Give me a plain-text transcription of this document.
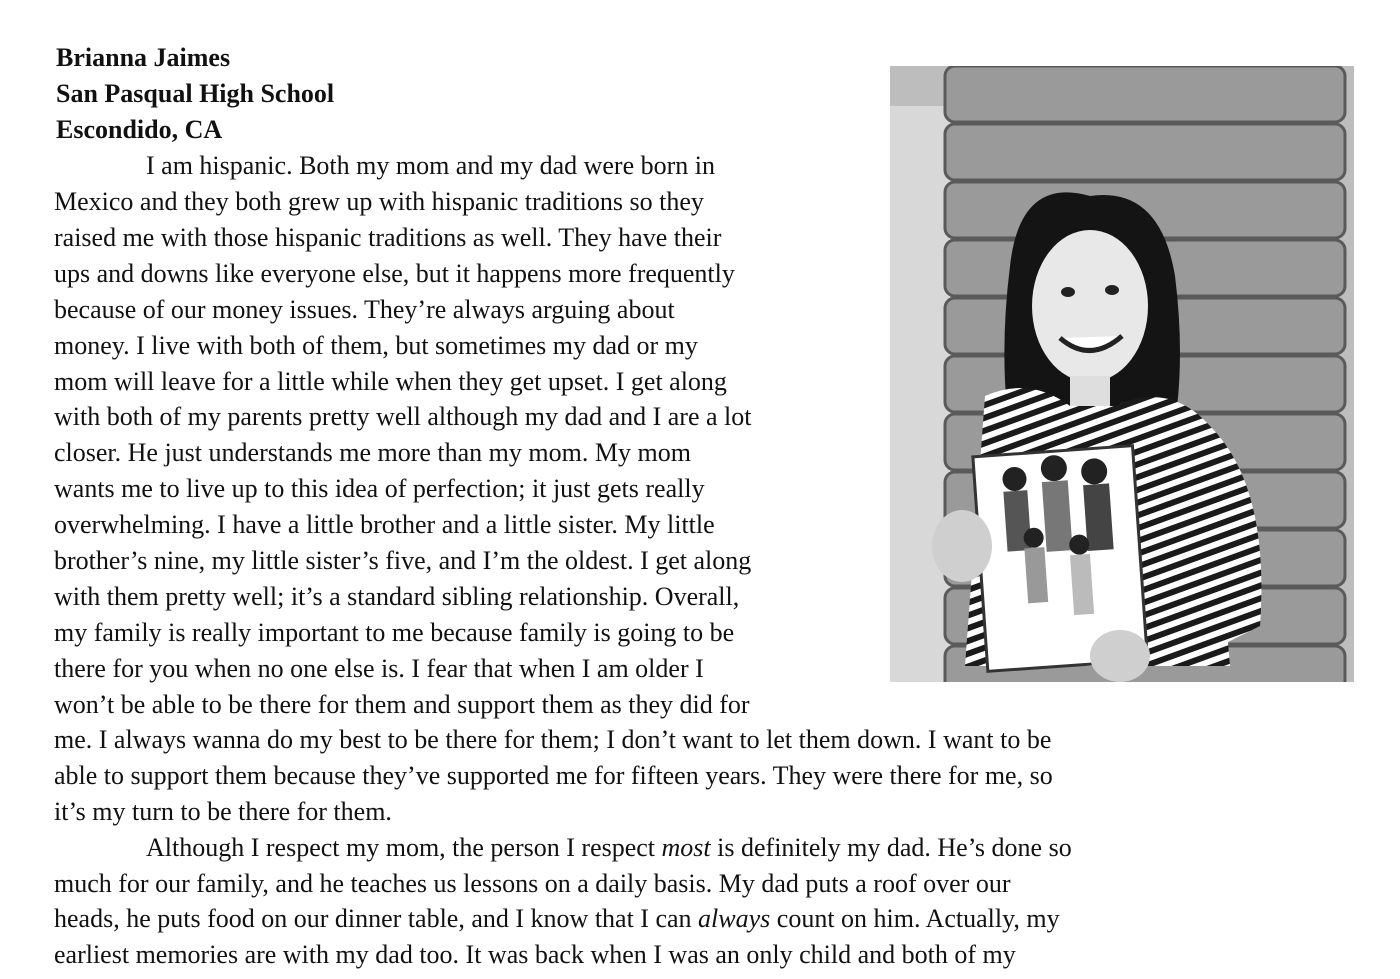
Brianna Jaimes
San Pasqual High School
Escondido, CA
I am hispanic. Both my mom and my dad were born in
Mexico and they both grew up with hispanic traditions so they
raised me with those hispanic traditions as well. They have their
ups and downs like everyone else, but it happens more frequently
because of our money issues. They’re always arguing about
money. I live with both of them, but sometimes my dad or my
mom will leave for a little while when they get upset. I get along
with both of my parents pretty well although my dad and I are a lot
closer. He just understands me more than my mom. My mom
wants me to live up to this idea of perfection; it just gets really
overwhelming. I have a little brother and a little sister. My little
brother’s nine, my little sister’s five, and I’m the oldest. I get along
with them pretty well; it’s a standard sibling relationship. Overall,
my family is really important to me because family is going to be
there for you when no one else is. I fear that when I am older I
won’t be able to be there for them and support them as they did for
me. I always wanna do my best to be there for them; I don’t want to let them down. I want to be
able to support them because they’ve supported me for fifteen years. They were there for me, so
it’s my turn to be there for them.
Although I respect my mom, the person I respect most is definitely my dad. He’s done so
much for our family, and he teaches us lessons on a daily basis. My dad puts a roof over our
heads, he puts food on our dinner table, and I know that I can always count on him. Actually, my
earliest memories are with my dad too. It was back when I was an only child and both of my
